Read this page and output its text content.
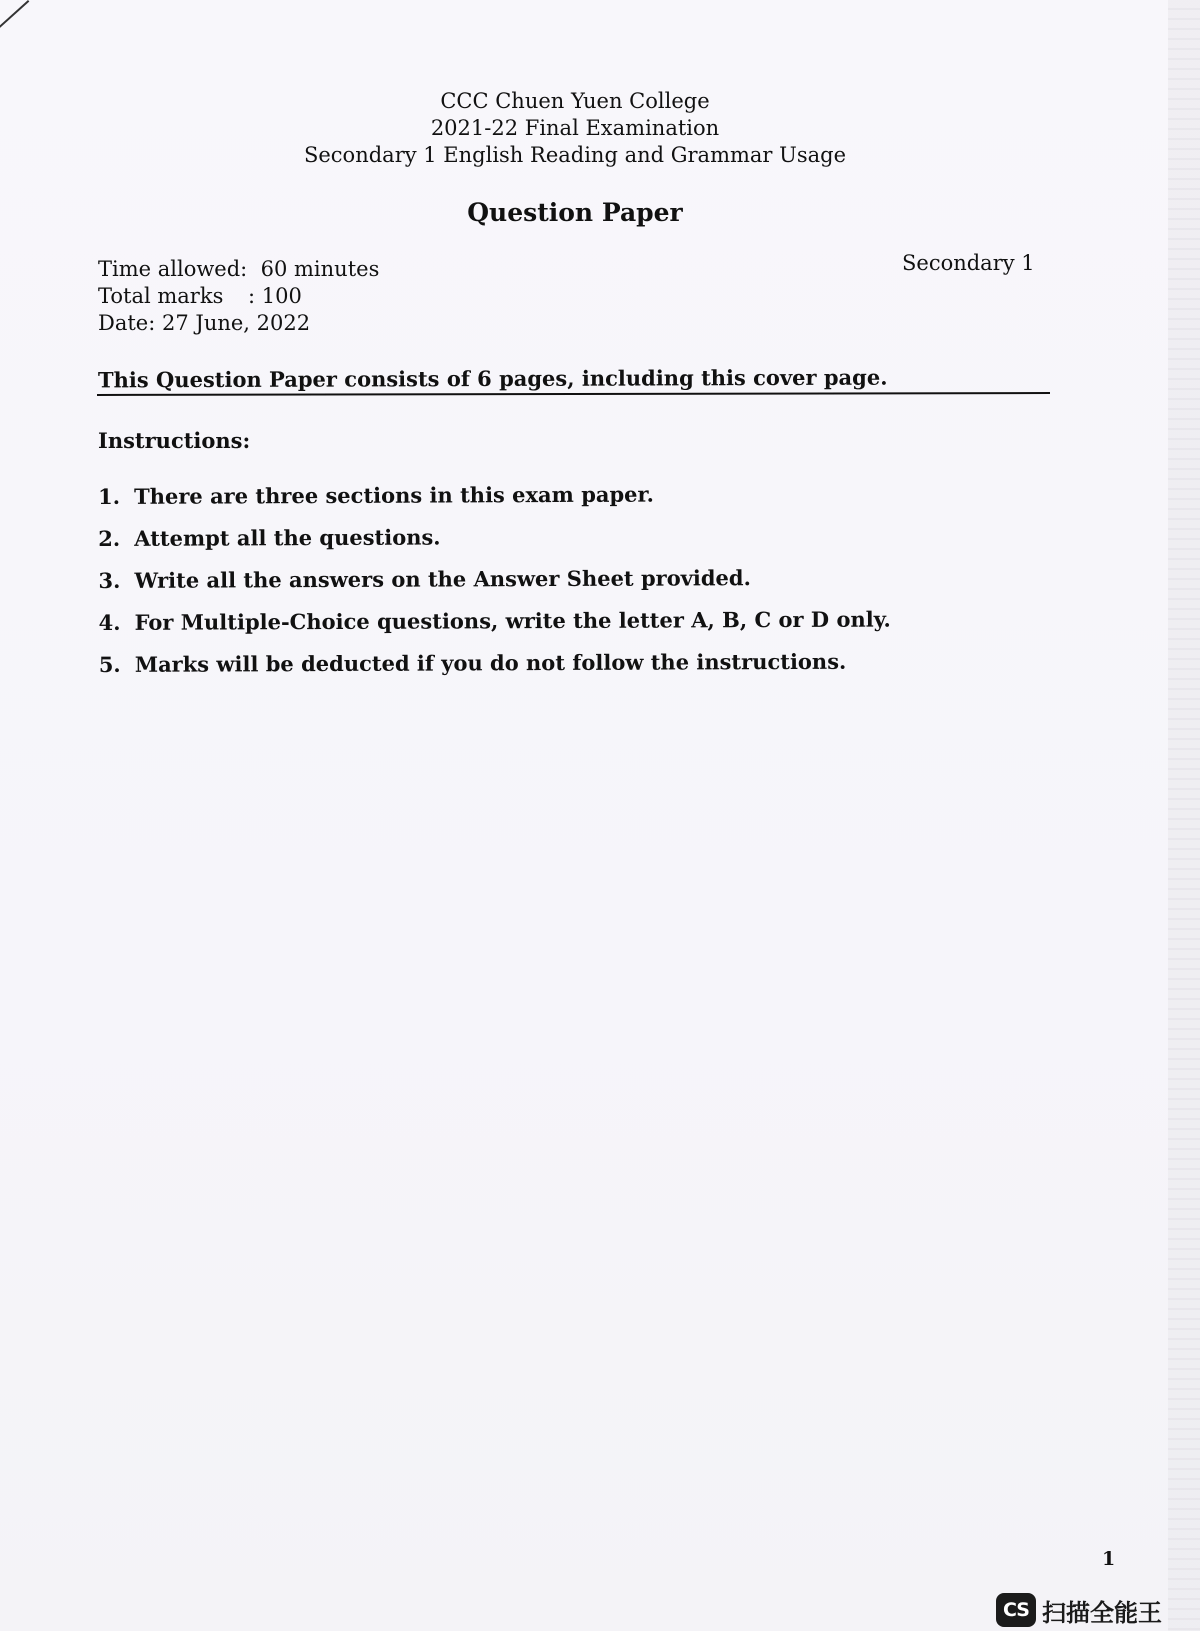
CCC Chuen Yuen College
2021-22 Final Examination
Secondary 1 English Reading and Grammar Usage
Question Paper
Time allowed: 60 minutes
Total marks : 100
Date: 27 June, 2022
Secondary 1
This Question Paper consists of 6 pages, including this cover page.
Instructions:
1. There are three sections in this exam paper.
2. Attempt all the questions.
3. Write all the answers on the Answer Sheet provided.
4. For Multiple-Choice questions, write the letter A, B, C or D only.
5. Marks will be deducted if you do not follow the instructions.
1
CS 扫描全能王
